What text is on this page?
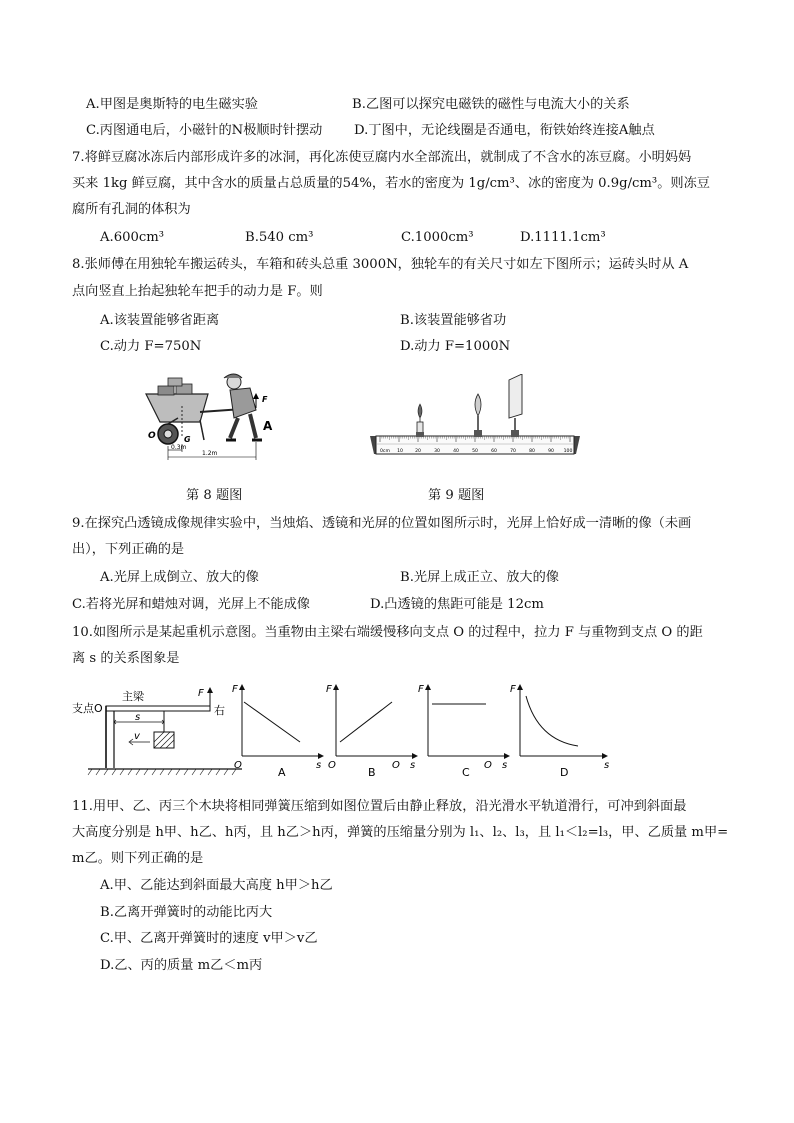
A.甲图是奥斯特的电生磁实验	B.乙图可以探究电磁铁的磁性与电流大小的关系
C.丙图通电后，小磁针的N极顺时针摆动 D.丁图中，无论线圈是否通电，衔铁始终连接A触点
7.将鲜豆腐冰冻后内部形成许多的冰洞，再化冻使豆腐内水全部流出，就制成了不含水的冻豆腐。小明妈妈
买来 1kg 鲜豆腐，其中含水的质量占总质量的54%，若水的密度为 1g/cm³、冰的密度为 0.9g/cm³。则冻豆
腐所有孔洞的体积为
A.600cm³	B.540 cm³	C.1000cm³	D.1111.1cm³
8.张师傅在用独轮车搬运砖头，车箱和砖头总重 3000N，独轮车的有关尺寸如左下图所示；运砖头时从 A
点向竖直上抬起独轮车把手的动力是 F。则
A.该装置能够省距离	B.该装置能够省功
C.动力 F=750N	D.动力 F=1000N
F
A
O	G
0.3m
1.2m	0cm 10	20	30	40	50	60	70	80	90 100
第 8 题图	第 9 题图
9.在探究凸透镜成像规律实验中，当烛焰、透镜和光屏的位置如图所示时，光屏上恰好成一清晰的像（未画
出），下列正确的是
A.光屏上成倒立、放大的像	B.光屏上成正立、放大的像
C.若将光屏和蜡烛对调，光屏上不能成像	D.凸透镜的焦距可能是 12cm
10.如图所示是某起重机示意图。当重物由主梁右端缓慢移向支点 O 的过程中，拉力 F 与重物到支点 O 的距
离 s 的关系图象是
支点O
主梁
右
F
s
v
F
O	s
A
F
O	s
B
F
O	s
C
F
O	s
D
11.用甲、乙、丙三个木块将相同弹簧压缩到如图位置后由静止释放，沿光滑水平轨道滑行，可冲到斜面最
大高度分别是 h甲、h乙、h丙，且 h乙＞h丙，弹簧的压缩量分别为 l₁、l₂、l₃，且 l₁＜l₂=l₃，甲、乙质量 m甲=
m乙。则下列正确的是
A.甲、乙能达到斜面最大高度 h甲＞h乙
B.乙离开弹簧时的动能比丙大
C.甲、乙离开弹簧时的速度 v甲＞v乙
D.乙、丙的质量 m乙＜m丙
